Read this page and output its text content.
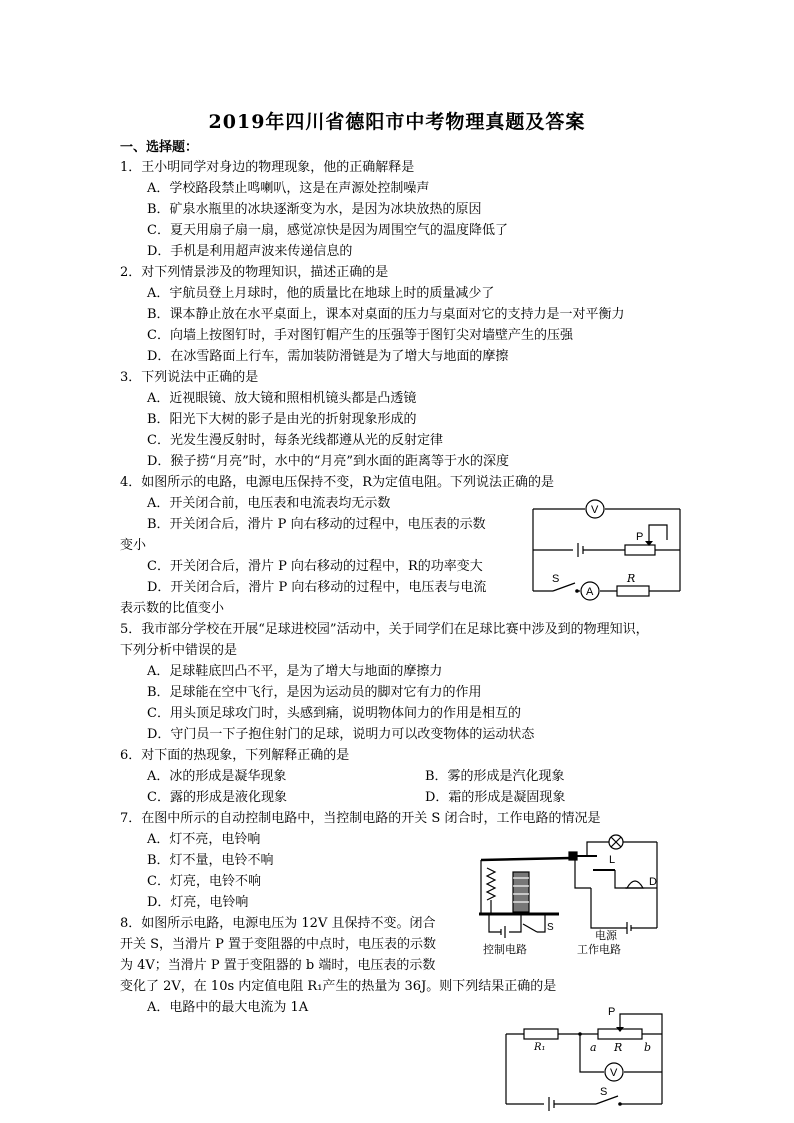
2019年四川省德阳市中考物理真题及答案
一、选择题：
1．王小明同学对身边的物理现象，他的正确解释是
A．学校路段禁止鸣喇叭，这是在声源处控制噪声
B．矿泉水瓶里的冰块逐渐变为水，是因为冰块放热的原因
C．夏天用扇子扇一扇，感觉凉快是因为周围空气的温度降低了
D．手机是利用超声波来传递信息的
2．对下列情景涉及的物理知识，描述正确的是
A．宇航员登上月球时，他的质量比在地球上时的质量减少了
B．课本静止放在水平桌面上，课本对桌面的压力与桌面对它的支持力是一对平衡力
C．向墙上按图钉时，手对图钉帽产生的压强等于图钉尖对墙壁产生的压强
D．在冰雪路面上行车，需加装防滑链是为了增大与地面的摩擦
3．下列说法中正确的是
A．近视眼镜、放大镜和照相机镜头都是凸透镜
B．阳光下大树的影子是由光的折射现象形成的
C．光发生漫反射时，每条光线都遵从光的反射定律
D．猴子捞“月亮”时，水中的“月亮”到水面的距离等于水的深度
4．如图所示的电路，电源电压保持不变，R为定值电阻。下列说法正确的是
A．开关闭合前，电压表和电流表均无示数
B．开关闭合后，滑片 P 向右移动的过程中，电压表的示数
变小
C．开关闭合后，滑片 P 向右移动的过程中，R的功率变大
D．开关闭合后，滑片 P 向右移动的过程中，电压表与电流
表示数的比值变小
V
A
P
S	R
5．我市部分学校在开展“足球进校园”活动中，关于同学们在足球比赛中涉及到的物理知识，
下列分析中错误的是
A．足球鞋底凹凸不平，是为了增大与地面的摩擦力
B．足球能在空中飞行，是因为运动员的脚对它有力的作用
C．用头顶足球攻门时，头感到痛，说明物体间力的作用是相互的
D．守门员一下子抱住射门的足球，说明力可以改变物体的运动状态
6．对下面的热现象，下列解释正确的是
A．冰的形成是凝华现象	B．雾的形成是汽化现象
C．露的形成是液化现象	D．霜的形成是凝固现象
7．在图中所示的自动控制电路中，当控制电路的开关 S 闭合时，工作电路的情况是
A．灯不亮，电铃响
B．灯不量，电铃不响
C．灯亮，电铃不响
D．灯亮，电铃响
L
D
S
电源
控制电路	工作电路
8．如图所示电路，电源电压为 12V 且保持不变。闭合
开关 S，当滑片 P 置于变阻器的中点时，电压表的示数
为 4V；当滑片 P 置于变阻器的 b 端时，电压表的示数
变化了 2V，在 10s 内定值电阻 R₁产生的热量为 36J。则下列结果正确的是
A．电路中的最大电流为 1A
R₁	R
P
a	b
V
S
